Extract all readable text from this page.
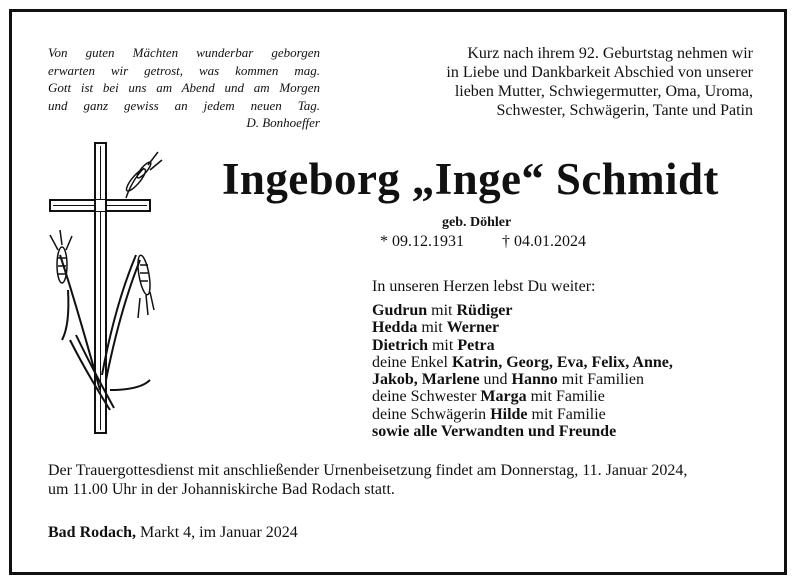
Von guten Mächten wunderbar geborgen
erwarten wir getrost, was kommen mag.
Gott ist bei uns am Abend und am Morgen
und ganz gewiss an jedem neuen Tag.
D. Bonhoeffer
Kurz nach ihrem 92. Geburtstag nehmen wir
in Liebe und Dankbarkeit Abschied von unserer
lieben Mutter, Schwiegermutter, Oma, Uroma,
Schwester, Schwägerin, Tante und Patin
Ingeborg „Inge“ Schmidt
geb. Döhler
* 09.12.1931 † 04.01.2024
In unseren Herzen lebst Du weiter:
Gudrun mit Rüdiger
Hedda mit Werner
Dietrich mit Petra
deine Enkel Katrin, Georg, Eva, Felix, Anne,
Jakob, Marlene und Hanno mit Familien
deine Schwester Marga mit Familie
deine Schwägerin Hilde mit Familie
sowie alle Verwandten und Freunde
Der Trauergottesdienst mit anschließender Urnenbeisetzung findet am Donnerstag, 11. Januar 2024,
um 11.00 Uhr in der Johanniskirche Bad Rodach statt.
Bad Rodach, Markt 4, im Januar 2024
